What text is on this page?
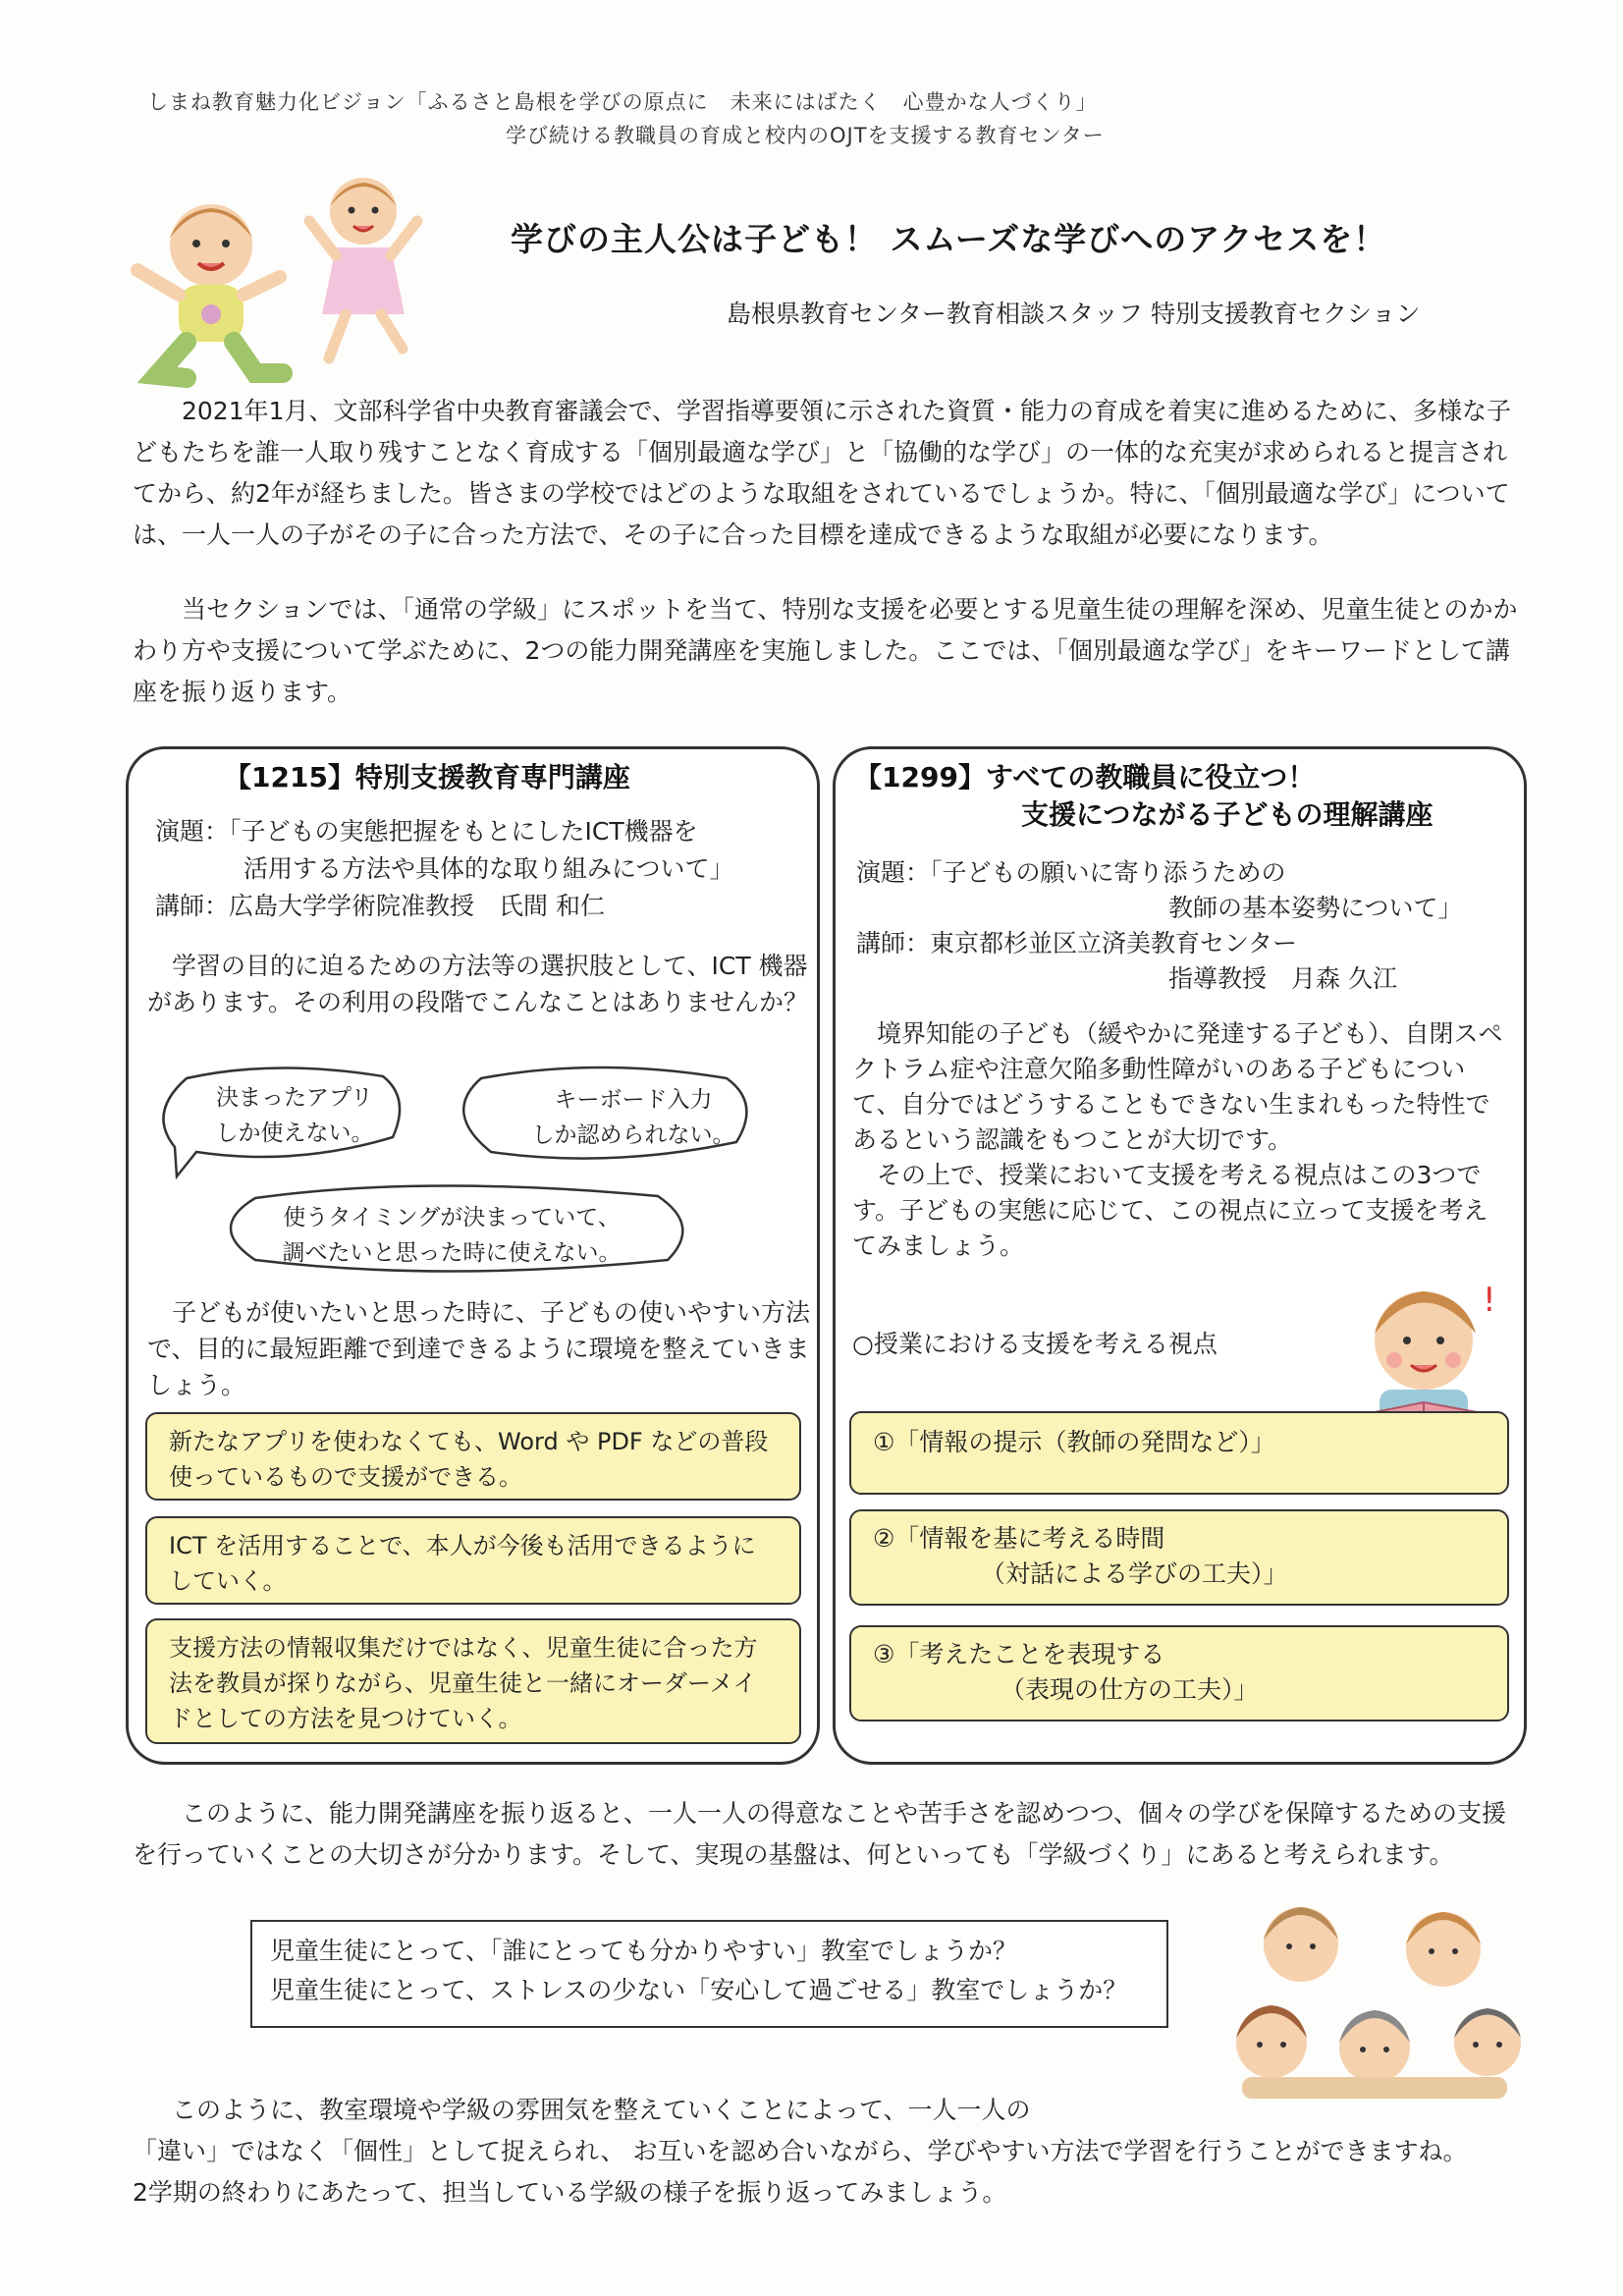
しまね教育魅力化ビジョン「ふるさと島根を学びの原点に　未来にはばたく　心豊かな人づくり」
学び続ける教職員の育成と校内のOJTを支援する教育センター
学びの主人公は子ども！ スムーズな学びへのアクセスを！
島根県教育センター教育相談スタッフ 特別支援教育セクション
2021年1月、文部科学省中央教育審議会で、学習指導要領に示された資質・能力の育成を着実に進めるために、多様な子どもたちを誰一人取り残すことなく育成する「個別最適な学び」と「協働的な学び」の一体的な充実が求められると提言されてから、約2年が経ちました。皆さまの学校ではどのような取組をされているでしょうか。特に、「個別最適な学び」については、一人一人の子がその子に合った方法で、その子に合った目標を達成できるような取組が必要になります。
当セクションでは、「通常の学級」にスポットを当て、特別な支援を必要とする児童生徒の理解を深め、児童生徒とのかかわり方や支援について学ぶために、2つの能力開発講座を実施しました。ここでは、「個別最適な学び」をキーワードとして講座を振り返ります。
【1215】特別支援教育専門講座
演題：「子どもの実態把握をもとにしたICT機器を
活用する方法や具体的な取り組みについて」
講師：広島大学学術院准教授　氏間 和仁
学習の目的に迫るための方法等の選択肢として、ICT 機器があります。その利用の段階でこんなことはありませんか？
決まったアプリ
しか使えない。
キーボード入力
しか認められない。
使うタイミングが決まっていて、
調べたいと思った時に使えない。
子どもが使いたいと思った時に、子どもの使いやすい方法で、目的に最短距離で到達できるように環境を整えていきましょう。
新たなアプリを使わなくても、Word や PDF などの普段使っているもので支援ができる。
ICT を活用することで、本人が今後も活用できるようにしていく。
支援方法の情報収集だけではなく、児童生徒に合った方法を教員が探りながら、児童生徒と一緒にオーダーメイドとしての方法を見つけていく。
【1299】すべての教職員に役立つ！
支援につながる子どもの理解講座
演題：「子どもの願いに寄り添うための
教師の基本姿勢について」
講師：東京都杉並区立済美教育センター
指導教授　月森 久江
境界知能の子ども（緩やかに発達する子ども）、自閉スペクトラム症や注意欠陥多動性障がいのある子どもについて、自分ではどうすることもできない生まれもった特性であるという認識をもつことが大切です。
その上で、授業において支援を考える視点はこの3つです。子どもの実態に応じて、この視点に立って支援を考えてみましょう。
○授業における支援を考える視点
!
①「情報の提示（教師の発問など）」
②「情報を基に考える時間
（対話による学びの工夫）」
③「考えたことを表現する
（表現の仕方の工夫）」
このように、能力開発講座を振り返ると、一人一人の得意なことや苦手さを認めつつ、個々の学びを保障するための支援を行っていくことの大切さが分かります。そして、実現の基盤は、何といっても「学級づくり」にあると考えられます。
児童生徒にとって、「誰にとっても分かりやすい」教室でしょうか？
児童生徒にとって、ストレスの少ない「安心して過ごせる」教室でしょうか？
このように、教室環境や学級の雰囲気を整えていくことによって、一人一人の
「違い」ではなく「個性」として捉えられ、 お互いを認め合いながら、学びやすい方法で学習を行うことができますね。
2学期の終わりにあたって、担当している学級の様子を振り返ってみましょう。
